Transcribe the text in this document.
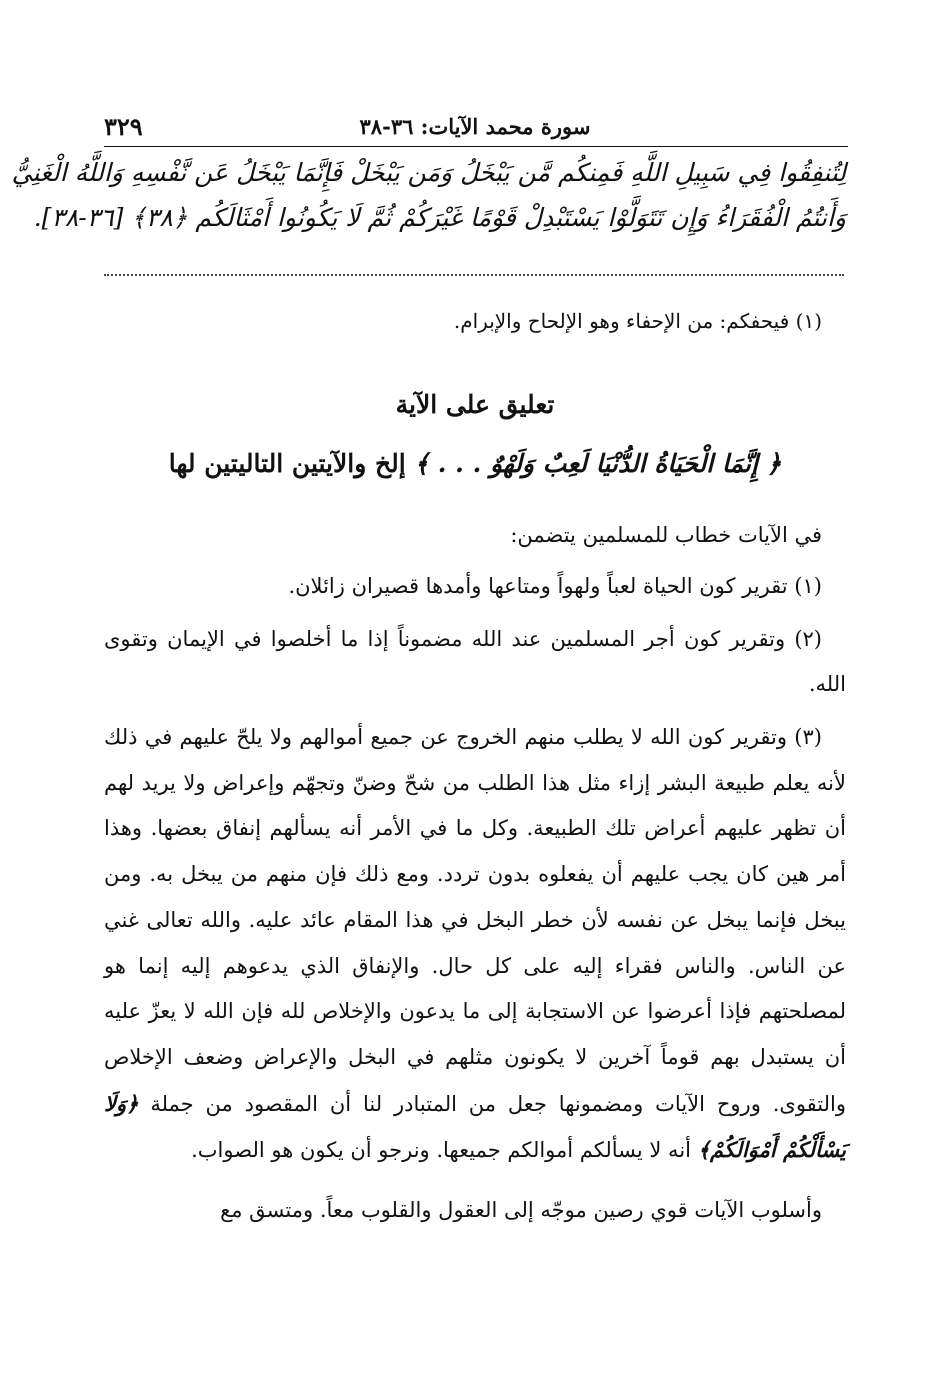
٣٢٩	سورة محمد الآيات: ٣٦-٣٨
لِتُنفِقُوا فِي سَبِيلِ اللَّهِ فَمِنكُم مَّن يَبْخَلُ وَمَن يَبْخَلْ فَإِنَّمَا يَبْخَلُ عَن نَّفْسِهِ وَاللَّهُ الْغَنِيُّ
وَأَنتُمُ الْفُقَرَاءُ وَإِن تَتَوَلَّوْا يَسْتَبْدِلْ قَوْمًا غَيْرَكُمْ ثُمَّ لَا يَكُونُوا أَمْثَالَكُم ﴿٣٨﴾ [٣٦-٣٨].
(١) فيحفكم: من الإحفاء وهو الإلحاح والإبرام.
تعليق على الآية
﴿ إِنَّمَا الْحَيَاةُ الدُّنْيَا لَعِبٌ وَلَهْوٌ . . . ﴾ إلخ والآيتين التاليتين لها

في الآيات خطاب للمسلمين يتضمن:

(١) تقرير كون الحياة لعباً ولهواً ومتاعها وأمدها قصيران زائلان.

(٢) وتقرير كون أجر المسلمين عند الله مضموناً إذا ما أخلصوا في الإيمان وتقوى الله.

(٣) وتقرير كون الله لا يطلب منهم الخروج عن جميع أموالهم ولا يلحّ عليهم في ذلك لأنه يعلم طبيعة البشر إزاء مثل هذا الطلب من شحّ وضنّ وتجهّم وإعراض ولا يريد لهم أن تظهر عليهم أعراض تلك الطبيعة. وكل ما في الأمر أنه يسألهم إنفاق بعضها. وهذا أمر هين كان يجب عليهم أن يفعلوه بدون تردد. ومع ذلك فإن منهم من يبخل به. ومن يبخل فإنما يبخل عن نفسه لأن خطر البخل في هذا المقام عائد عليه. والله تعالى غني عن الناس. والناس فقراء إليه على كل حال. والإنفاق الذي يدعوهم إليه إنما هو لمصلحتهم فإذا أعرضوا عن الاستجابة إلى ما يدعون والإخلاص لله فإن الله لا يعزّ عليه أن يستبدل بهم قوماً آخرين لا يكونون مثلهم في البخل والإعراض وضعف الإخلاص والتقوى. وروح الآيات ومضمونها جعل من المتبادر لنا أن المقصود من جملة ﴿وَلَا يَسْأَلْكُمْ أَمْوَالَكُمْ﴾ أنه لا يسألكم أموالكم جميعها. ونرجو أن يكون هو الصواب.

وأسلوب الآيات قوي رصين موجّه إلى العقول والقلوب معاً. ومتسق مع
